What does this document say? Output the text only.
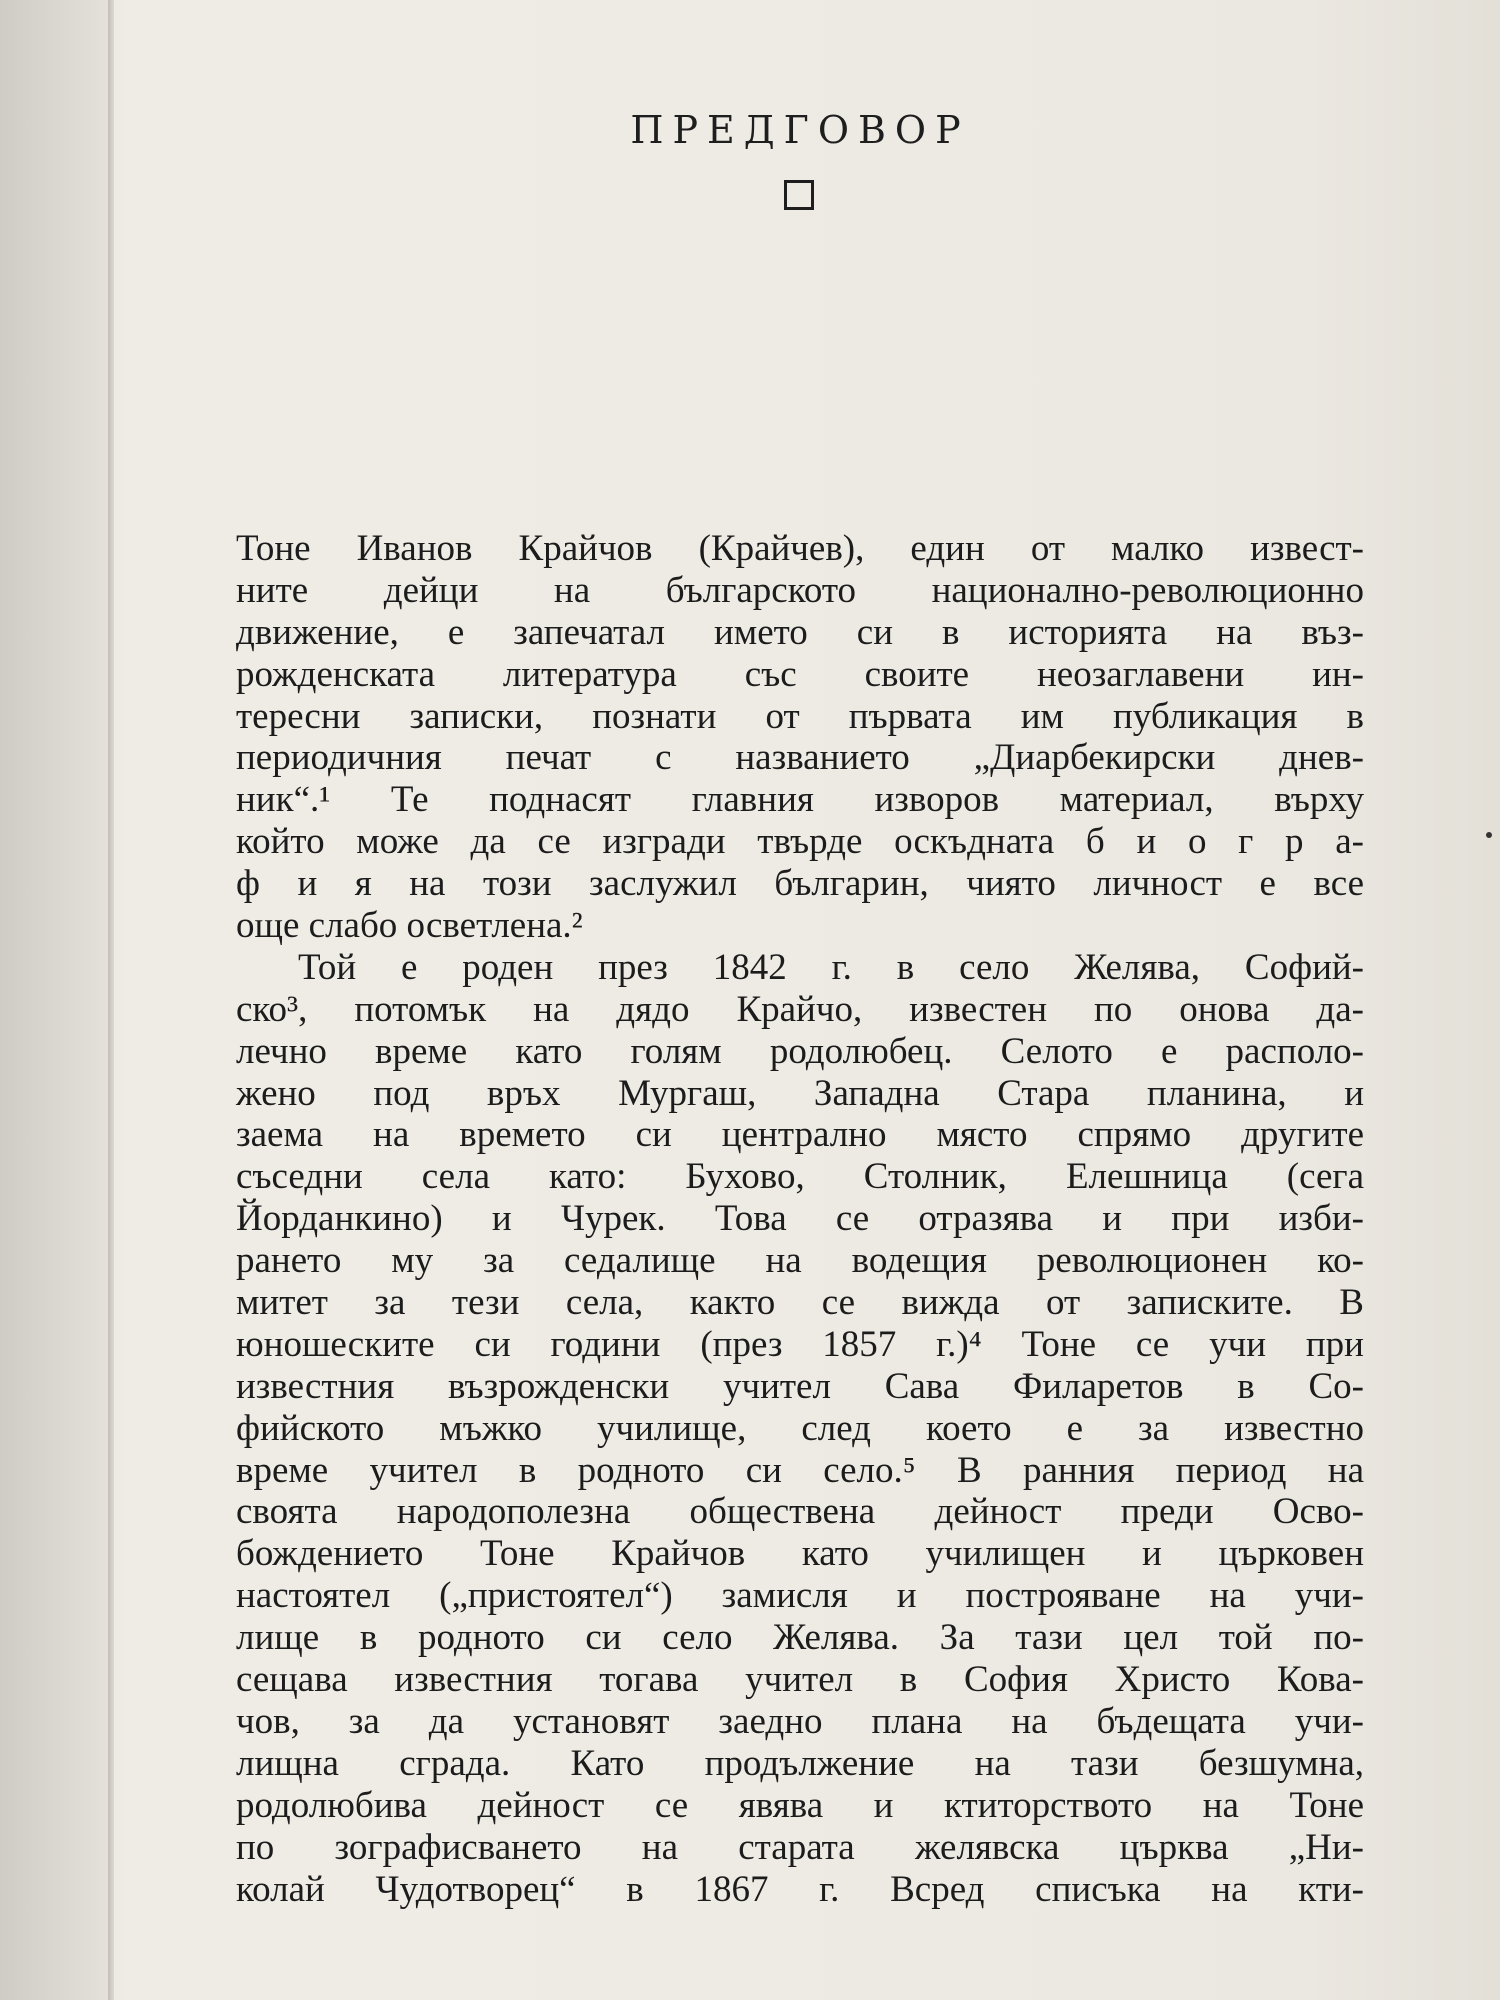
ПРЕДГОВОР
Тоне Иванов Крайчов (Крайчев), един от малко извест-
ните дейци на българското национално-революционно
движение, е запечатал името си в историята на въз-
рожденската литература със своите неозаглавени ин-
тересни записки, познати от първата им публикация в
периодичния печат с названието „Диарбекирски днев-
ник“.¹ Те поднасят главния изворов материал, върху
който може да се изгради твърде оскъдната б и о г р а-
ф и я на този заслужил българин, чиято личност е все
още слабо осветлена.²
Той е роден през 1842 г. в село Желява, Софий-
ско³, потомък на дядо Крайчо, известен по онова да-
лечно време като голям родолюбец. Селото е располо-
жено под връх Мургаш, Западна Стара планина, и
заема на времето си централно място спрямо другите
съседни села като: Бухово, Столник, Елешница (сега
Йорданкино) и Чурек. Това се отразява и при изби-
рането му за седалище на водещия революционен ко-
митет за тези села, както се вижда от записките. В
юношеските си години (през 1857 г.)⁴ Тоне се учи при
известния възрожденски учител Сава Филаретов в Со-
фийското мъжко училище, след което е за известно
време учител в родното си село.⁵ В ранния период на
своята народополезна обществена дейност преди Осво-
бождението Тоне Крайчов като училищен и църковен
настоятел („пристоятел“) замисля и построяване на учи-
лище в родното си село Желява. За тази цел той по-
сещава известния тогава учител в София Христо Кова-
чов, за да установят заедно плана на бъдещата учи-
лищна сграда. Като продължение на тази безшумна,
родолюбива дейност се явява и ктиторството на Тоне
по зографисването на старата желявска църква „Ни-
колай Чудотворец“ в 1867 г. Всред списъка на кти-
